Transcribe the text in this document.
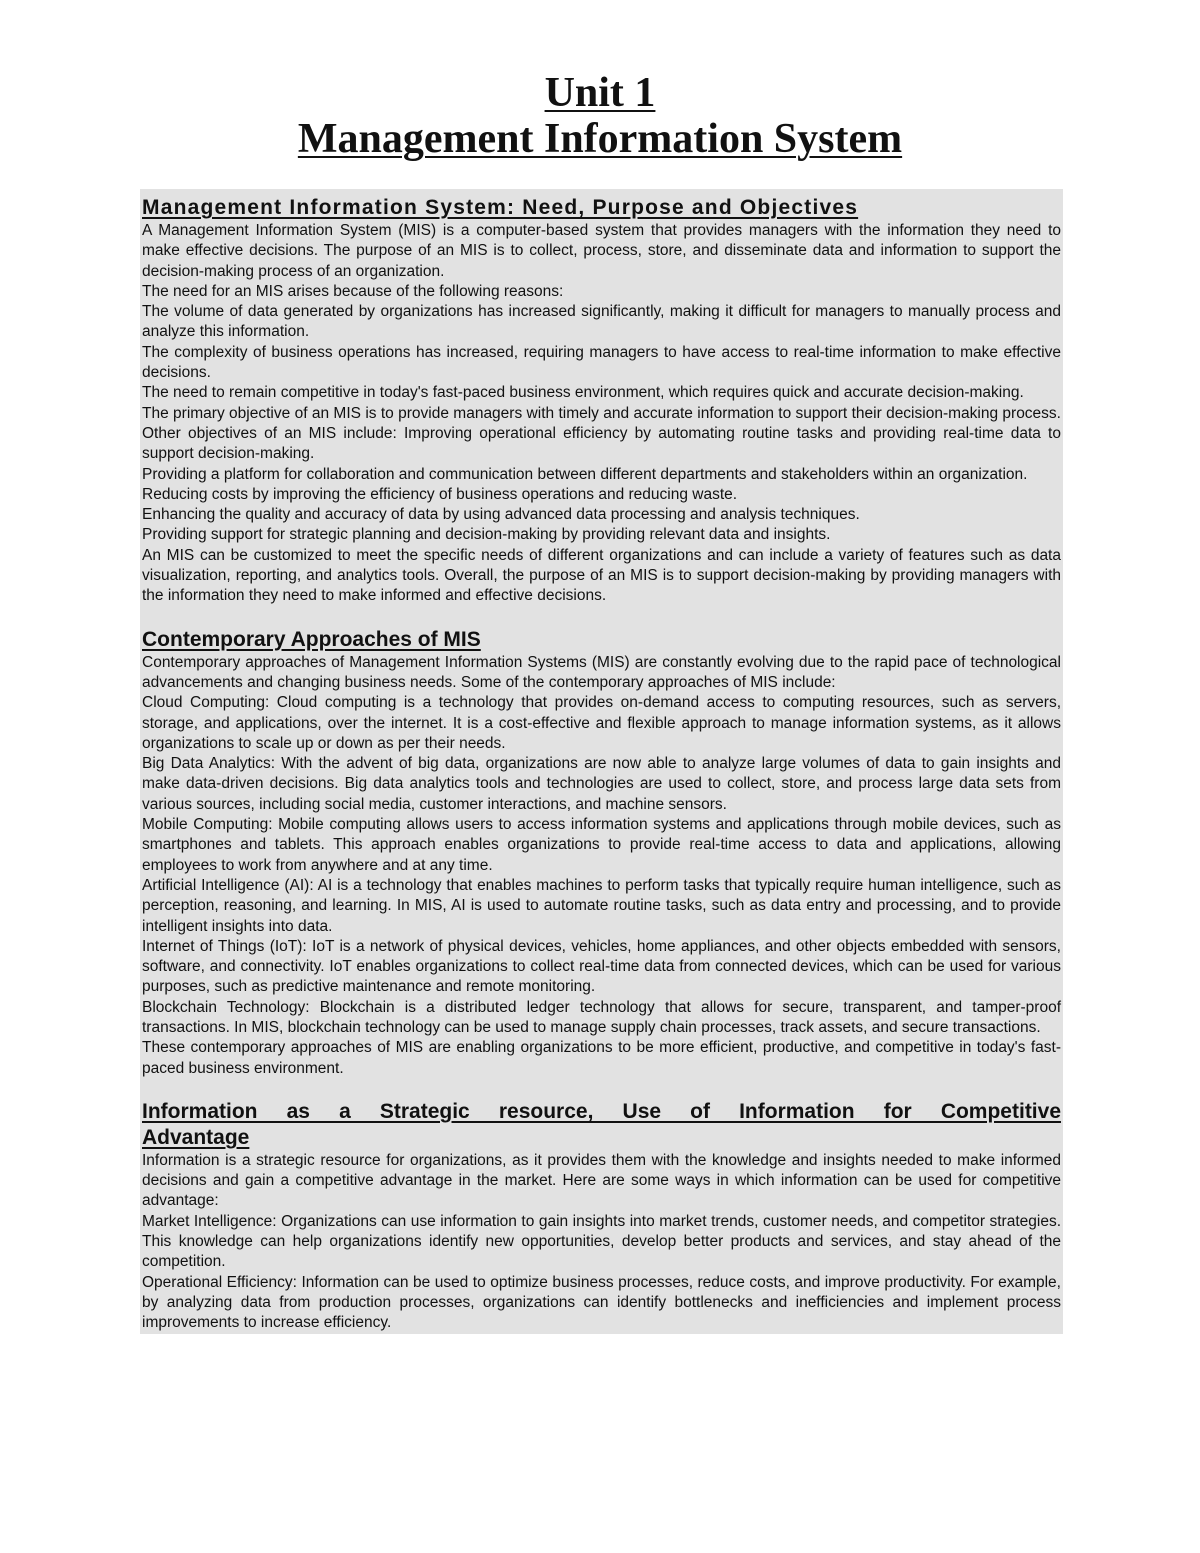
Unit 1
Management Information System
Management Information System: Need, Purpose and Objectives

A Management Information System (MIS) is a computer-based system that provides managers with the information they need to make effective decisions. The purpose of an MIS is to collect, process, store, and disseminate data and information to support the decision-making process of an organization.

The need for an MIS arises because of the following reasons:

The volume of data generated by organizations has increased significantly, making it difficult for managers to manually process and analyze this information.

The complexity of business operations has increased, requiring managers to have access to real-time information to make effective decisions.

The need to remain competitive in today's fast-paced business environment, which requires quick and accurate decision-making.

The primary objective of an MIS is to provide managers with timely and accurate information to support their decision-making process. Other objectives of an MIS include: Improving operational efficiency by automating routine tasks and providing real-time data to support decision-making.

Providing a platform for collaboration and communication between different departments and stakeholders within an organization.

Reducing costs by improving the efficiency of business operations and reducing waste.

Enhancing the quality and accuracy of data by using advanced data processing and analysis techniques.

Providing support for strategic planning and decision-making by providing relevant data and insights.

An MIS can be customized to meet the specific needs of different organizations and can include a variety of features such as data visualization, reporting, and analytics tools. Overall, the purpose of an MIS is to support decision-making by providing managers with the information they need to make informed and effective decisions.

Contemporary Approaches of MIS

Contemporary approaches of Management Information Systems (MIS) are constantly evolving due to the rapid pace of technological advancements and changing business needs. Some of the contemporary approaches of MIS include:

Cloud Computing: Cloud computing is a technology that provides on-demand access to computing resources, such as servers, storage, and applications, over the internet. It is a cost-effective and flexible approach to manage information systems, as it allows organizations to scale up or down as per their needs.

Big Data Analytics: With the advent of big data, organizations are now able to analyze large volumes of data to gain insights and make data-driven decisions. Big data analytics tools and technologies are used to collect, store, and process large data sets from various sources, including social media, customer interactions, and machine sensors.

Mobile Computing: Mobile computing allows users to access information systems and applications through mobile devices, such as smartphones and tablets. This approach enables organizations to provide real-time access to data and applications, allowing employees to work from anywhere and at any time.

Artificial Intelligence (AI): AI is a technology that enables machines to perform tasks that typically require human intelligence, such as perception, reasoning, and learning. In MIS, AI is used to automate routine tasks, such as data entry and processing, and to provide intelligent insights into data.

Internet of Things (IoT): IoT is a network of physical devices, vehicles, home appliances, and other objects embedded with sensors, software, and connectivity. IoT enables organizations to collect real-time data from connected devices, which can be used for various purposes, such as predictive maintenance and remote monitoring.

Blockchain Technology: Blockchain is a distributed ledger technology that allows for secure, transparent, and tamper-proof transactions. In MIS, blockchain technology can be used to manage supply chain processes, track assets, and secure transactions.

These contemporary approaches of MIS are enabling organizations to be more efficient, productive, and competitive in today's fast-paced business environment.

Information as a Strategic resource, Use of Information for Competitive
Advantage

Information is a strategic resource for organizations, as it provides them with the knowledge and insights needed to make informed decisions and gain a competitive advantage in the market. Here are some ways in which information can be used for competitive advantage:

Market Intelligence: Organizations can use information to gain insights into market trends, customer needs, and competitor strategies. This knowledge can help organizations identify new opportunities, develop better products and services, and stay ahead of the competition.

Operational Efficiency: Information can be used to optimize business processes, reduce costs, and improve productivity. For example, by analyzing data from production processes, organizations can identify bottlenecks and inefficiencies and implement process improvements to increase efficiency.
